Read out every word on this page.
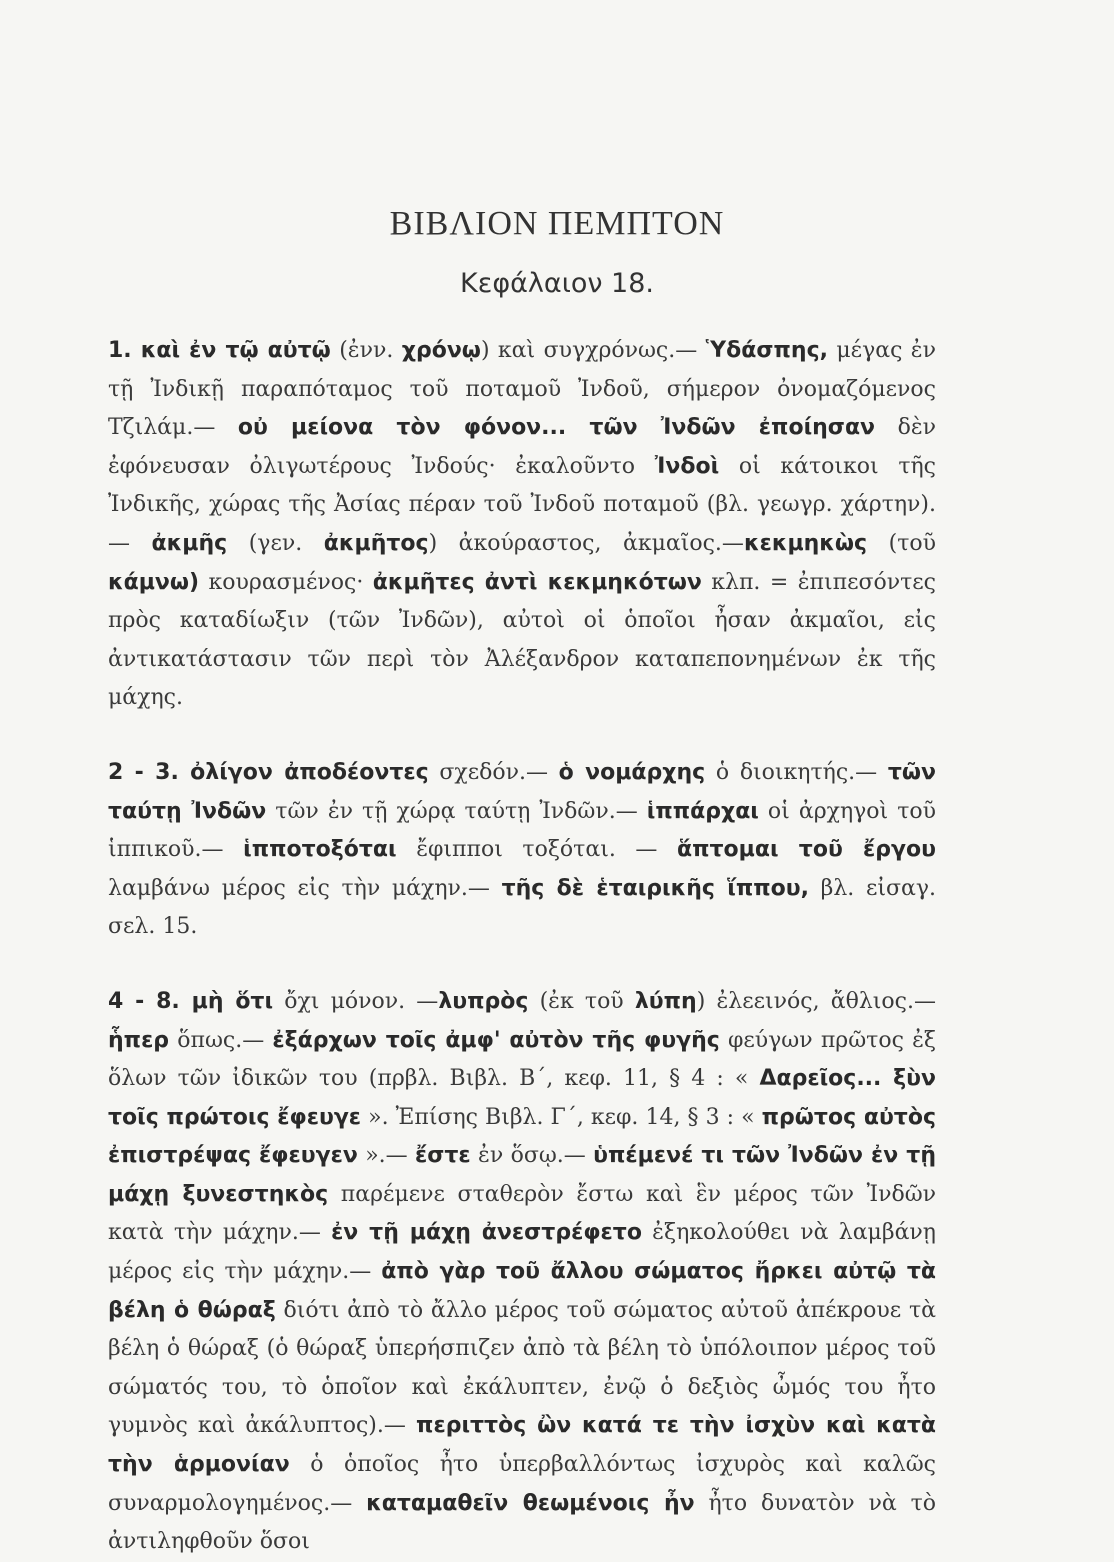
ΒΙΒΛΙΟΝ ΠΕΜΠΤΟΝ
Κεφάλαιον 18.

1. καὶ ἐν τῷ αὐτῷ (ἐνν. χρόνῳ) καὶ συγχρόνως.— Ὑδάσπης, μέγας ἐν τῇ Ἰνδικῇ παραπόταμος τοῦ ποταμοῦ Ἰνδοῦ, σήμερον ὀνομαζόμενος Τζιλάμ.— οὐ μείονα τὸν φόνον... τῶν Ἰνδῶν ἐποίησαν δὲν ἐφόνευσαν ὀλιγωτέρους Ἰνδούς· ἐκαλοῦντο Ἰνδοὶ οἱ κάτοικοι τῆς Ἰνδικῆς, χώρας τῆς Ἀσίας πέραν τοῦ Ἰνδοῦ ποταμοῦ (βλ. γεωγρ. χάρτην).— ἀκμῆς (γεν. ἀκμῆτος) ἀκούραστος, ἀκμαῖος.—κεκμηκὼς (τοῦ κάμνω) κουρασμένος· ἀκμῆτες ἀντὶ κεκμηκότων κλπ. = ἐπιπεσόντες πρὸς καταδίωξιν (τῶν Ἰνδῶν), αὐτοὶ οἱ ὁποῖοι ἦσαν ἀκμαῖοι, εἰς ἀντικατάστασιν τῶν περὶ τὸν Ἀλέξανδρον καταπεπονημένων ἐκ τῆς μάχης.

2 - 3. ὀλίγον ἀποδέοντες σχεδόν.— ὁ νομάρχης ὁ διοικητής.— τῶν ταύτῃ Ἰνδῶν τῶν ἐν τῇ χώρᾳ ταύτῃ Ἰνδῶν.— ἱππάρχαι οἱ ἀρχηγοὶ τοῦ ἱππικοῦ.— ἱπποτοξόται ἔφιπποι τοξόται. — ἅπτομαι τοῦ ἔργου λαμβάνω μέρος εἰς τὴν μάχην.— τῆς δὲ ἑταιρικῆς ἵππου, βλ. εἰσαγ. σελ. 15.

4 - 8. μὴ ὅτι ὄχι μόνον. —λυπρὸς (ἐκ τοῦ λύπη) ἐλεεινός, ἄθλιος.— ἧπερ ὅπως.— ἐξάρχων τοῖς ἀμφ' αὐτὸν τῆς φυγῆς φεύγων πρῶτος ἐξ ὅλων τῶν ἰδικῶν του (πρβλ. Βιβλ. Β΄, κεφ. 11, § 4 : « Δαρεῖος... ξὺν τοῖς πρώτοις ἔφευγε ». Ἐπίσης Βιβλ. Γ΄, κεφ. 14, § 3 : « πρῶτος αὐτὸς ἐπιστρέψας ἔφευγεν ».— ἔστε ἐν ὅσῳ.— ὑπέμενέ τι τῶν Ἰνδῶν ἐν τῇ μάχῃ ξυνεστηκὸς παρέμενε σταθερὸν ἔστω καὶ ἓν μέρος τῶν Ἰνδῶν κατὰ τὴν μάχην.— ἐν τῇ μάχῃ ἀνεστρέφετο ἐξηκολούθει νὰ λαμβάνῃ μέρος εἰς τὴν μάχην.— ἀπὸ γὰρ τοῦ ἄλλου σώματος ἤρκει αὐτῷ τὰ βέλη ὁ θώραξ διότι ἀπὸ τὸ ἄλλο μέρος τοῦ σώματος αὐτοῦ ἀπέκρουε τὰ βέλη ὁ θώραξ (ὁ θώραξ ὑπερήσπιζεν ἀπὸ τὰ βέλη τὸ ὑπόλοιπον μέρος τοῦ σώματός του, τὸ ὁποῖον καὶ ἐκάλυπτεν, ἐνῷ ὁ δεξιὸς ὦμός του ἦτο γυμνὸς καὶ ἀκάλυπτος).— περιττὸς ὢν κατά τε τὴν ἰσχὺν καὶ κατὰ τὴν ἁρμονίαν ὁ ὁποῖος ἦτο ὑπερβαλλόντως ἰσχυρὸς καὶ καλῶς συναρμολογημένος.— καταμαθεῖν θεωμένοις ἦν ἦτο δυνατὸν νὰ τὸ ἀντιληφθοῦν ὅσοι
